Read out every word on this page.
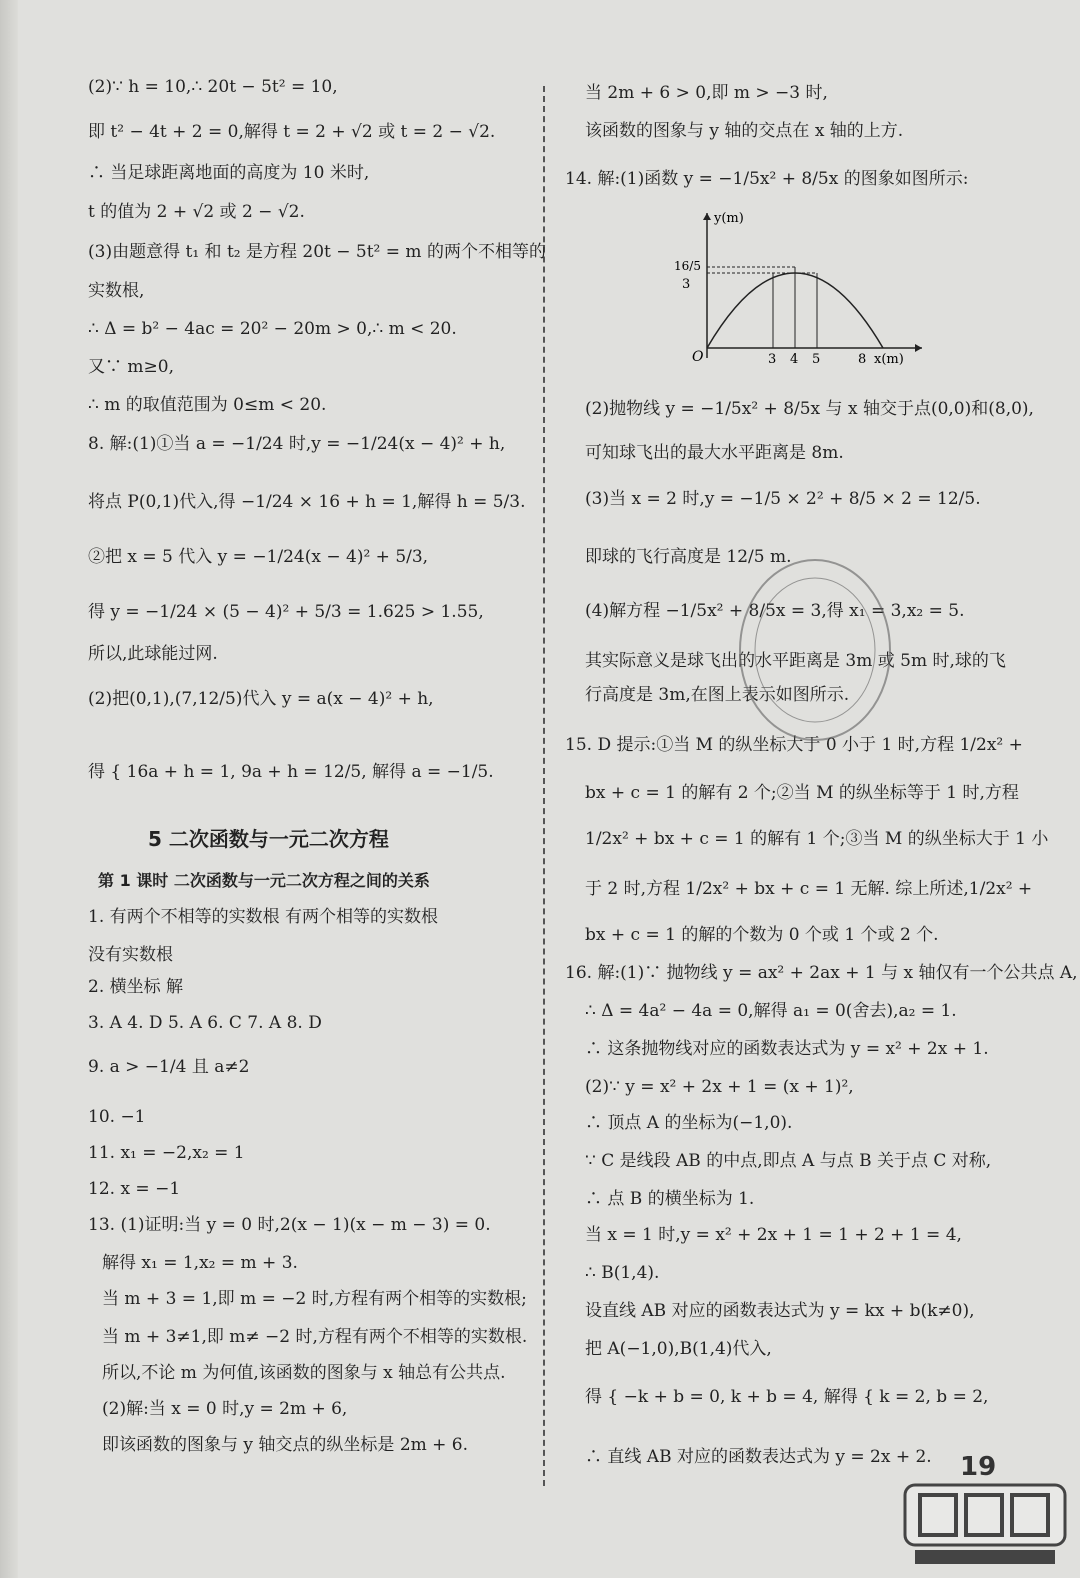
(2)∵ h = 10,∴ 20t − 5t² = 10,
即 t² − 4t + 2 = 0,解得 t = 2 + √2 或 t = 2 − √2.
∴ 当足球距离地面的高度为 10 米时,
t 的值为 2 + √2 或 2 − √2.
(3)由题意得 t₁ 和 t₂ 是方程 20t − 5t² = m 的两个不相等的
实数根,
∴ Δ = b² − 4ac = 20² − 20m > 0,∴ m < 20.
又∵ m≥0,
∴ m 的取值范围为 0≤m < 20.
8. 解:(1)①当 a = −1/24 时,y = −1/24(x − 4)² + h,
将点 P(0,1)代入,得 −1/24 × 16 + h = 1,解得 h = 5/3.
②把 x = 5 代入 y = −1/24(x − 4)² + 5/3,
得 y = −1/24 × (5 − 4)² + 5/3 = 1.625 > 1.55,
所以,此球能过网.
(2)把(0,1),(7,12/5)代入 y = a(x − 4)² + h,
得 { 16a + h = 1, 9a + h = 12/5, 解得 a = −1/5.
5 二次函数与一元二次方程
第 1 课时 二次函数与一元二次方程之间的关系
1. 有两个不相等的实数根 有两个相等的实数根
没有实数根
2. 横坐标 解
3. A 4. D 5. A 6. C 7. A 8. D
9. a > −1/4 且 a≠2
10. −1
11. x₁ = −2,x₂ = 1
12. x = −1
13. (1)证明:当 y = 0 时,2(x − 1)(x − m − 3) = 0.
解得 x₁ = 1,x₂ = m + 3.
当 m + 3 = 1,即 m = −2 时,方程有两个相等的实数根;
当 m + 3≠1,即 m≠ −2 时,方程有两个不相等的实数根.
所以,不论 m 为何值,该函数的图象与 x 轴总有公共点.
(2)解:当 x = 0 时,y = 2m + 6,
即该函数的图象与 y 轴交点的纵坐标是 2m + 6.
当 2m + 6 > 0,即 m > −3 时,
该函数的图象与 y 轴的交点在 x 轴的上方.
14. 解:(1)函数 y = −1/5x² + 8/5x 的图象如图所示:
(2)抛物线 y = −1/5x² + 8/5x 与 x 轴交于点(0,0)和(8,0),
可知球飞出的最大水平距离是 8m.
(3)当 x = 2 时,y = −1/5 × 2² + 8/5 × 2 = 12/5.
即球的飞行高度是 12/5 m.
(4)解方程 −1/5x² + 8/5x = 3,得 x₁ = 3,x₂ = 5.
其实际意义是球飞出的水平距离是 3m 或 5m 时,球的飞
行高度是 3m,在图上表示如图所示.
15. D 提示:①当 M 的纵坐标大于 0 小于 1 时,方程 1/2x² +
bx + c = 1 的解有 2 个;②当 M 的纵坐标等于 1 时,方程
1/2x² + bx + c = 1 的解有 1 个;③当 M 的纵坐标大于 1 小
于 2 时,方程 1/2x² + bx + c = 1 无解. 综上所述,1/2x² +
bx + c = 1 的解的个数为 0 个或 1 个或 2 个.
16. 解:(1)∵ 抛物线 y = ax² + 2ax + 1 与 x 轴仅有一个公共点 A,
∴ Δ = 4a² − 4a = 0,解得 a₁ = 0(舍去),a₂ = 1.
∴ 这条抛物线对应的函数表达式为 y = x² + 2x + 1.
(2)∵ y = x² + 2x + 1 = (x + 1)²,
∴ 顶点 A 的坐标为(−1,0).
∵ C 是线段 AB 的中点,即点 A 与点 B 关于点 C 对称,
∴ 点 B 的横坐标为 1.
当 x = 1 时,y = x² + 2x + 1 = 1 + 2 + 1 = 4,
∴ B(1,4).
设直线 AB 对应的函数表达式为 y = kx + b(k≠0),
把 A(−1,0),B(1,4)代入,
得 { −k + b = 0, k + b = 4, 解得 { k = 2, b = 2,
∴ 直线 AB 对应的函数表达式为 y = 2x + 2.
y(m)
x(m)
O
16/5
3
3 4 5	8
19
